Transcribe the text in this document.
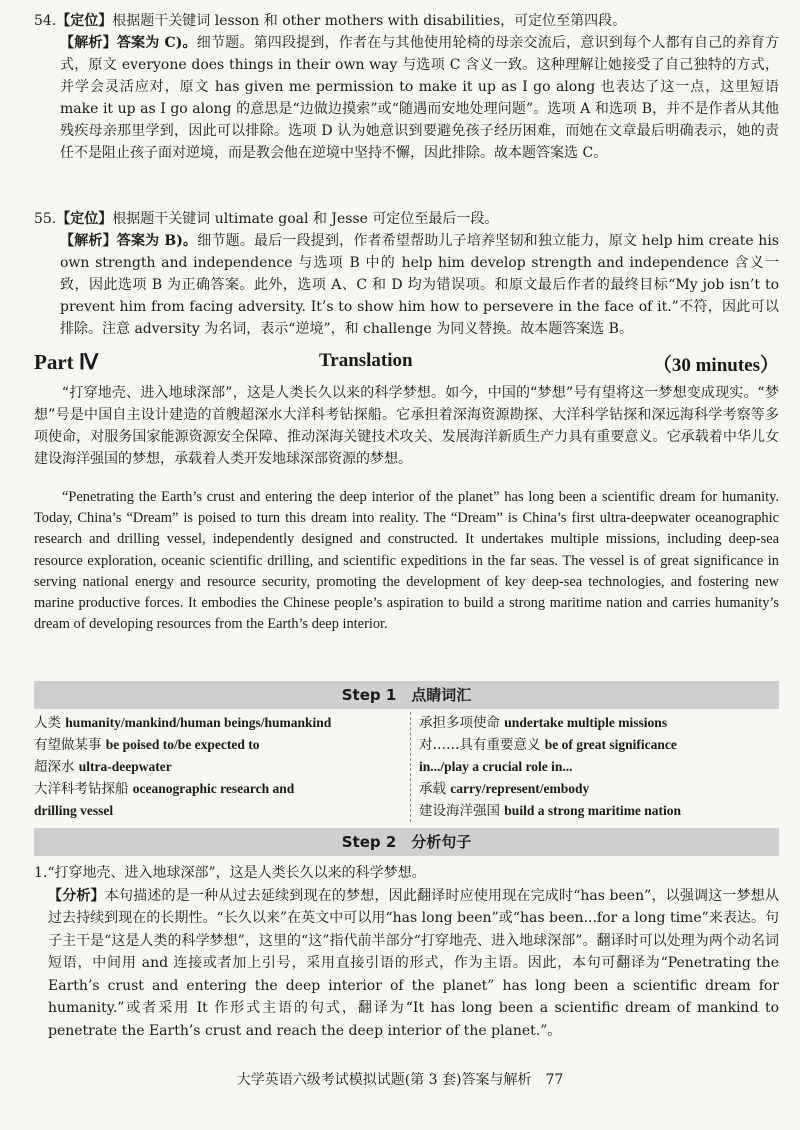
54.【定位】根据题干关键词 lesson 和 other mothers with disabilities，可定位至第四段。

【解析】答案为 C)。细节题。第四段提到，作者在与其他使用轮椅的母亲交流后，意识到每个人都有自己的养育方式，原文 everyone does things in their own way 与选项 C 含义一致。这种理解让她接受了自己独特的方式，并学会灵活应对，原文 has given me permission to make it up as I go along 也表达了这一点，这里短语 make it up as I go along 的意思是“边做边摸索”或“随遇而安地处理问题”。选项 A 和选项 B，并不是作者从其他残疾母亲那里学到，因此可以排除。选项 D 认为她意识到要避免孩子经历困难，而她在文章最后明确表示，她的责任不是阻止孩子面对逆境，而是教会他在逆境中坚持不懈，因此排除。故本题答案选 C。

55.【定位】根据题干关键词 ultimate goal 和 Jesse 可定位至最后一段。

【解析】答案为 B)。细节题。最后一段提到，作者希望帮助儿子培养坚韧和独立能力，原文 help him create his own strength and independence 与选项 B 中的 help him develop strength and independence 含义一致，因此选项 B 为正确答案。此外，选项 A、C 和 D 均为错误项。和原文最后作者的最终目标“My job isn’t to prevent him from facing adversity. It’s to show him how to persevere in the face of it.”不符，因此可以排除。注意 adversity 为名词，表示“逆境”，和 challenge 为同义替换。故本题答案选 B。

Part Ⅳ	Translation	（30 minutes）

“打穿地壳、进入地球深部”，这是人类长久以来的科学梦想。如今，中国的“梦想”号有望将这一梦想变成现实。“梦想”号是中国自主设计建造的首艘超深水大洋科考钻探船。它承担着深海资源勘探、大洋科学钻探和深远海科学考察等多项使命，对服务国家能源资源安全保障、推动深海关键技术攻关、发展海洋新质生产力具有重要意义。它承载着中华儿女建设海洋强国的梦想，承载着人类开发地球深部资源的梦想。

“Penetrating the Earth’s crust and entering the deep interior of the planet” has long been a scientific dream for humanity. Today, China’s “Dream” is poised to turn this dream into reality. The “Dream” is China’s first ultra-deepwater oceanographic research and drilling vessel, independently designed and constructed. It undertakes multiple missions, including deep-sea resource exploration, oceanic scientific drilling, and scientific expeditions in the far seas. The vessel is of great significance in serving national energy and resource security, promoting the development of key deep-sea technologies, and fostering new marine productive forces. It embodies the Chinese people’s aspiration to build a strong maritime nation and carries humanity’s dream of developing resources from the Earth’s deep interior.

Step 1　点睛词汇
人类 humanity/mankind/human beings/humankind
有望做某事 be poised to/be expected to
超深水 ultra-deepwater
大洋科考钻探船 oceanographic research and
drilling vessel
承担多项使命 undertake multiple missions
对……具有重要意义 be of great significance
in.../play a crucial role in...
承载 carry/represent/embody
建设海洋强国 build a strong maritime nation
Step 2　分析句子

1.“打穿地壳、进入地球深部”，这是人类长久以来的科学梦想。

【分析】本句描述的是一种从过去延续到现在的梦想，因此翻译时应使用现在完成时“has been”，以强调这一梦想从过去持续到现在的长期性。“长久以来”在英文中可以用“has long been”或“has been...for a long time”来表达。句子主干是“这是人类的科学梦想”，这里的“这”指代前半部分“打穿地壳、进入地球深部”。翻译时可以处理为两个动名词短语，中间用 and 连接或者加上引号，采用直接引语的形式，作为主语。因此，本句可翻译为“Penetrating the Earth’s crust and entering the deep interior of the planet” has long been a scientific dream for humanity.”或者采用 It 作形式主语的句式，翻译为“It has long been a scientific dream of mankind to penetrate the Earth’s crust and reach the deep interior of the planet.”。

大学英语六级考试模拟试题(第 3 套)答案与解析　77
